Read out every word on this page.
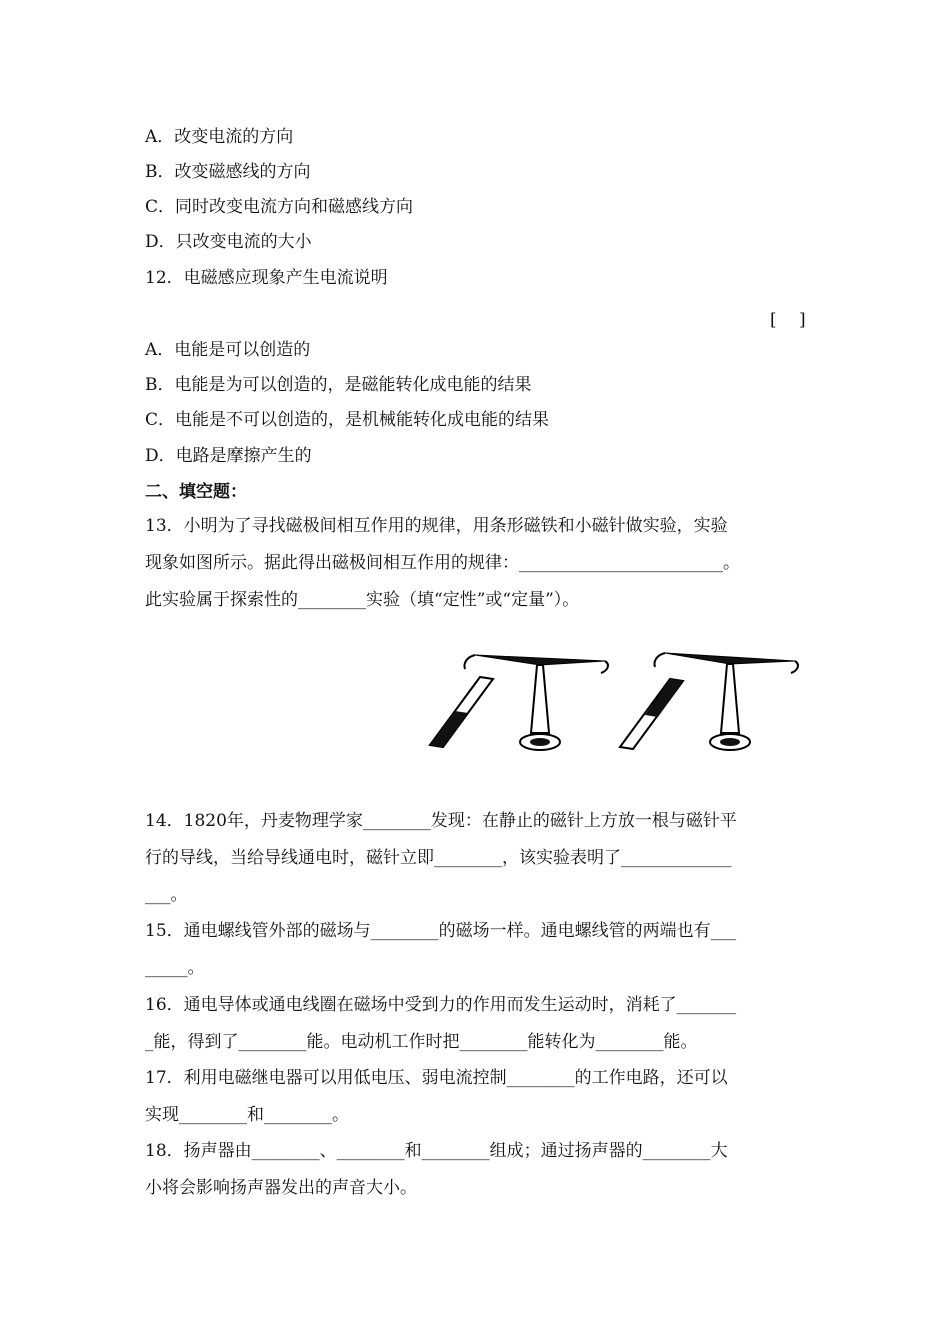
A．改变电流的方向
B．改变磁感线的方向
C．同时改变电流方向和磁感线方向
D．只改变电流的大小
12．电磁感应现象产生电流说明
[　 ]
A．电能是可以创造的
B．电能是为可以创造的，是磁能转化成电能的结果
C．电能是不可以创造的，是机械能转化成电能的结果
D．电路是摩擦产生的
二、填空题：
13．小明为了寻找磁极间相互作用的规律，用条形磁铁和小磁针做实验，实验
现象如图所示。据此得出磁极间相互作用的规律：________________________。
此实验属于探索性的________实验（填“定性”或“定量”）。
14．1820年，丹麦物理学家________发现：在静止的磁针上方放一根与磁针平
行的导线，当给导线通电时，磁针立即________，该实验表明了_____________
___。
15．通电螺线管外部的磁场与________的磁场一样。通电螺线管的两端也有___
_____。
16．通电导体或通电线圈在磁场中受到力的作用而发生运动时，消耗了_______
_能，得到了________能。电动机工作时把________能转化为________能。
17．利用电磁继电器可以用低电压、弱电流控制________的工作电路，还可以
实现________和________。
18．扬声器由________、________和________组成；通过扬声器的________大
小将会影响扬声器发出的声音大小。
